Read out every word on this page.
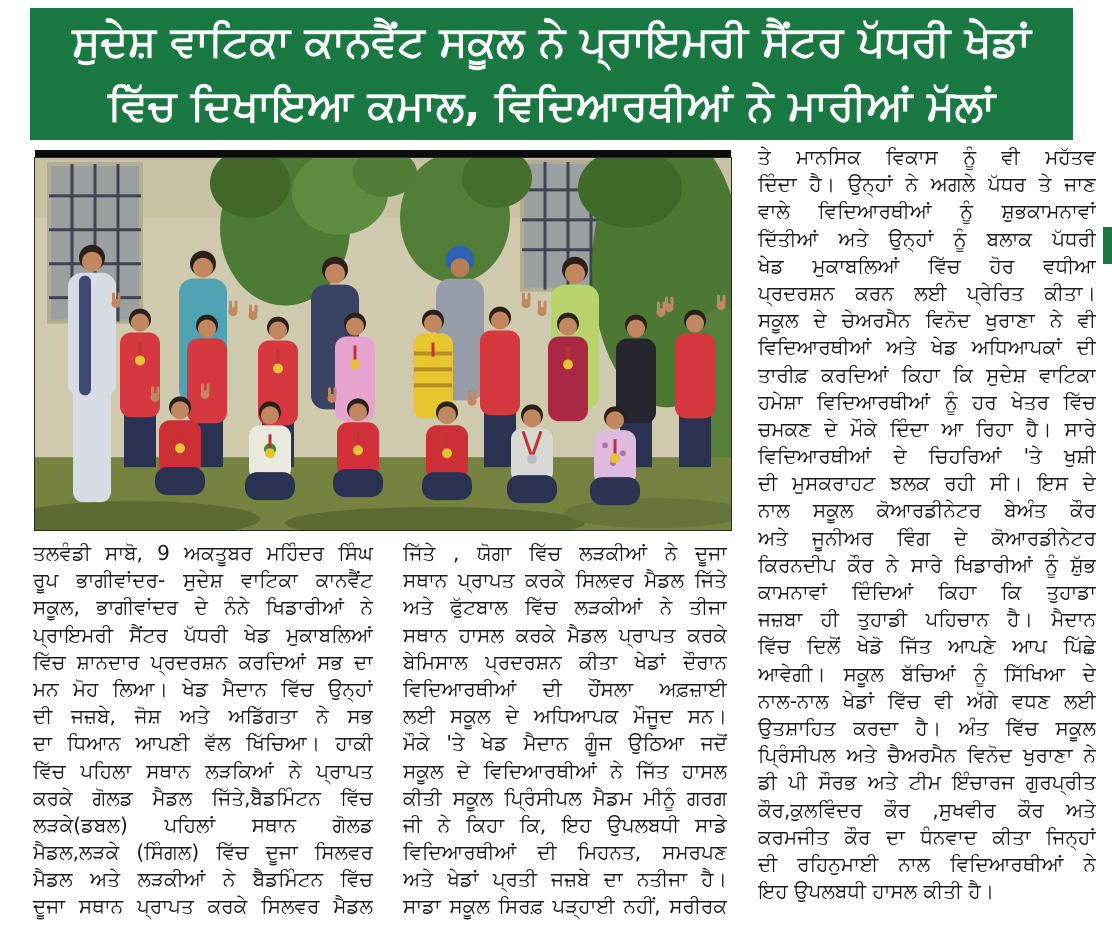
ਸੁਦੇਸ਼ ਵਾਟਿਕਾ ਕਾਨਵੈਂਟ ਸਕੂਲ ਨੇ ਪ੍ਰਾਇਮਰੀ ਸੈਂਟਰ ਪੱਧਰੀ ਖੇਡਾਂ
ਵਿੱਚ ਦਿਖਾਇਆ ਕਮਾਲ, ਵਿਦਿਆਰਥੀਆਂ ਨੇ ਮਾਰੀਆਂ ਮੱਲਾਂ
ਤਲਵੰਡੀ ਸਾਬੋ, 9 ਅਕਤੂਬਰ ਮਹਿੰਦਰ ਸਿੰਘ
ਰੂਪ ਭਾਗੀਵਾਂਦਰ- ਸੁਦੇਸ਼ ਵਾਟਿਕਾ ਕਾਨਵੈਂਟ
ਸਕੂਲ, ਭਾਗੀਵਾਂਦਰ ਦੇ ਨੰਨੇ ਖਿਡਾਰੀਆਂ ਨੇ
ਪ੍ਰਾਇਮਰੀ ਸੈਂਟਰ ਪੱਧਰੀ ਖੇਡ ਮੁਕਾਬਲਿਆਂ
ਵਿੱਚ ਸ਼ਾਨਦਾਰ ਪ੍ਰਦਰਸ਼ਨ ਕਰਦਿਆਂ ਸਭ ਦਾ
ਮਨ ਮੋਹ ਲਿਆ। ਖੇਡ ਮੈਦਾਨ ਵਿੱਚ ਉਨ੍ਹਾਂ
ਦੀ ਜਜ਼ਬੇ, ਜੋਸ਼ ਅਤੇ ਅਡਿੱਗਤਾ ਨੇ ਸਭ
ਦਾ ਧਿਆਨ ਆਪਣੀ ਵੱਲ ਖਿੱਚਿਆ। ਹਾਕੀ
ਵਿੱਚ ਪਹਿਲਾ ਸਥਾਨ ਲੜਕਿਆਂ ਨੇ ਪ੍ਰਾਪਤ
ਕਰਕੇ ਗੋਲਡ ਮੈਡਲ ਜਿੱਤੇ,ਬੈਡਮਿੰਟਨ ਵਿੱਚ
ਲੜਕੇ(ਡਬਲ) ਪਹਿਲਾਂ ਸਥਾਨ ਗੋਲਡ
ਮੈਡਲ,ਲੜਕੇ (ਸਿੰਗਲ) ਵਿੱਚ ਦੂਜਾ ਸਿਲਵਰ
ਮੈਡਲ ਅਤੇ ਲੜਕੀਆਂ ਨੇ ਬੈਡਮਿੰਟਨ ਵਿੱਚ
ਦੂਜਾ ਸਥਾਨ ਪ੍ਰਾਪਤ ਕਰਕੇ ਸਿਲਵਰ ਮੈਡਲ
ਜਿੱਤੇ , ਯੋਗਾ ਵਿੱਚ ਲੜਕੀਆਂ ਨੇ ਦੂਜਾ
ਸਥਾਨ ਪ੍ਰਾਪਤ ਕਰਕੇ ਸਿਲਵਰ ਮੈਡਲ ਜਿੱਤੇ
ਅਤੇ ਫੁੱਟਬਾਲ ਵਿੱਚ ਲੜਕੀਆਂ ਨੇ ਤੀਜਾ
ਸਥਾਨ ਹਾਸਲ ਕਰਕੇ ਮੈਡਲ ਪ੍ਰਾਪਤ ਕਰਕੇ
ਬੇਮਿਸਾਲ ਪ੍ਰਦਰਸ਼ਨ ਕੀਤਾ ਖੇਡਾਂ ਦੌਰਾਨ
ਵਿਦਿਆਰਥੀਆਂ ਦੀ ਹੌਂਸਲਾ ਅਫ਼ਜ਼ਾਈ
ਲਈ ਸਕੂਲ ਦੇ ਅਧਿਆਪਕ ਮੌਜੂਦ ਸਨ।
ਮੌਕੇ 'ਤੇ ਖੇਡ ਮੈਦਾਨ ਗੂੰਜ ਉਠਿਆ ਜਦੋਂ
ਸਕੂਲ ਦੇ ਵਿਦਿਆਰਥੀਆਂ ਨੇ ਜਿੱਤ ਹਾਸਲ
ਕੀਤੀ ਸਕੂਲ ਪ੍ਰਿੰਸੀਪਲ ਮੈਡਮ ਮੀਨੂੰ ਗਰਗ
ਜੀ ਨੇ ਕਿਹਾ ਕਿ, ਇਹ ਉਪਲਬਧੀ ਸਾਡੇ
ਵਿਦਿਆਰਥੀਆਂ ਦੀ ਮਿਹਨਤ, ਸਮਰਪਣ
ਅਤੇ ਖੇਡਾਂ ਪ੍ਰਤੀ ਜਜ਼ਬੇ ਦਾ ਨਤੀਜਾ ਹੈ।
ਸਾਡਾ ਸਕੂਲ ਸਿਰਫ਼ ਪੜ੍ਹਾਈ ਨਹੀਂ, ਸਰੀਰਕ
ਤੇ ਮਾਨਸਿਕ ਵਿਕਾਸ ਨੂੰ ਵੀ ਮਹੱਤਵ
ਦਿੰਦਾ ਹੈ। ਉਨ੍ਹਾਂ ਨੇ ਅਗਲੇ ਪੱਧਰ ਤੇ ਜਾਣ
ਵਾਲੇ ਵਿਦਿਆਰਥੀਆਂ ਨੂੰ ਸ਼ੁਭਕਾਮਨਾਵਾਂ
ਦਿੱਤੀਆਂ ਅਤੇ ਉਨ੍ਹਾਂ ਨੂੰ ਬਲਾਕ ਪੱਧਰੀ
ਖੇਡ ਮੁਕਾਬਲਿਆਂ ਵਿੱਚ ਹੋਰ ਵਧੀਆ
ਪ੍ਰਦਰਸ਼ਨ ਕਰਨ ਲਈ ਪ੍ਰੇਰਿਤ ਕੀਤਾ।
ਸਕੂਲ ਦੇ ਚੇਅਰਮੈਨ ਵਿਨੋਦ ਖੁਰਾਣਾ ਨੇ ਵੀ
ਵਿਦਿਆਰਥੀਆਂ ਅਤੇ ਖੇਡ ਅਧਿਆਪਕਾਂ ਦੀ
ਤਾਰੀਫ਼ ਕਰਦਿਆਂ ਕਿਹਾ ਕਿ ਸੁਦੇਸ਼ ਵਾਟਿਕਾ
ਹਮੇਸ਼ਾ ਵਿਦਿਆਰਥੀਆਂ ਨੂੰ ਹਰ ਖੇਤਰ ਵਿੱਚ
ਚਮਕਣ ਦੇ ਮੌਕੇ ਦਿੰਦਾ ਆ ਰਿਹਾ ਹੈ। ਸਾਰੇ
ਵਿਦਿਆਰਥੀਆਂ ਦੇ ਚਿਹਰਿਆਂ 'ਤੇ ਖੁਸ਼ੀ
ਦੀ ਮੁਸਕਰਾਹਟ ਝਲਕ ਰਹੀ ਸੀ। ਇਸ ਦੇ
ਨਾਲ ਸਕੂਲ ਕੋਆਰਡੀਨੇਟਰ ਬੇਅੰਤ ਕੌਰ
ਅਤੇ ਜੂਨੀਅਰ ਵਿੰਗ ਦੇ ਕੋਆਰਡੀਨੇਟਰ
ਕਿਰਨਦੀਪ ਕੌਰ ਨੇ ਸਾਰੇ ਖਿਡਾਰੀਆਂ ਨੂੰ ਸ਼ੁੱਭ
ਕਾਮਨਾਵਾਂ ਦਿੰਦਿਆਂ ਕਿਹਾ ਕਿ ਤੁਹਾਡਾ
ਜਜ਼ਬਾ ਹੀ ਤੁਹਾਡੀ ਪਹਿਚਾਨ ਹੈ। ਮੈਦਾਨ
ਵਿੱਚ ਦਿਲੋਂ ਖੇਡੋ ਜਿੱਤ ਆਪਣੇ ਆਪ ਪਿੱਛੇ
ਆਵੇਗੀ। ਸਕੂਲ ਬੱਚਿਆਂ ਨੂੰ ਸਿੱਖਿਆ ਦੇ
ਨਾਲ-ਨਾਲ ਖੇਡਾਂ ਵਿੱਚ ਵੀ ਅੱਗੇ ਵਧਣ ਲਈ
ਉਤਸ਼ਾਹਿਤ ਕਰਦਾ ਹੈ। ਅੰਤ ਵਿੱਚ ਸਕੂਲ
ਪ੍ਰਿੰਸੀਪਲ ਅਤੇ ਚੈਅਰਮੈਨ ਵਿਨੋਦ ਖੁਰਾਣਾ ਨੇ
ਡੀ ਪੀ ਸੌਰਭ ਅਤੇ ਟੀਮ ਇੰਚਾਰਜ ਗੁਰਪ੍ਰੀਤ
ਕੌਰ,ਕੁਲਵਿੰਦਰ ਕੌਰ ,ਸੁਖਵੀਰ ਕੌਰ ਅਤੇ
ਕਰਮਜੀਤ ਕੌਰ ਦਾ ਧੰਨਵਾਦ ਕੀਤਾ ਜਿਨ੍ਹਾਂ
ਦੀ ਰਹਿਨੁਮਾਈ ਨਾਲ ਵਿਦਿਆਰਥੀਆਂ ਨੇ
ਇਹ ਉਪਲਬਧੀ ਹਾਸਲ ਕੀਤੀ ਹੈ।
